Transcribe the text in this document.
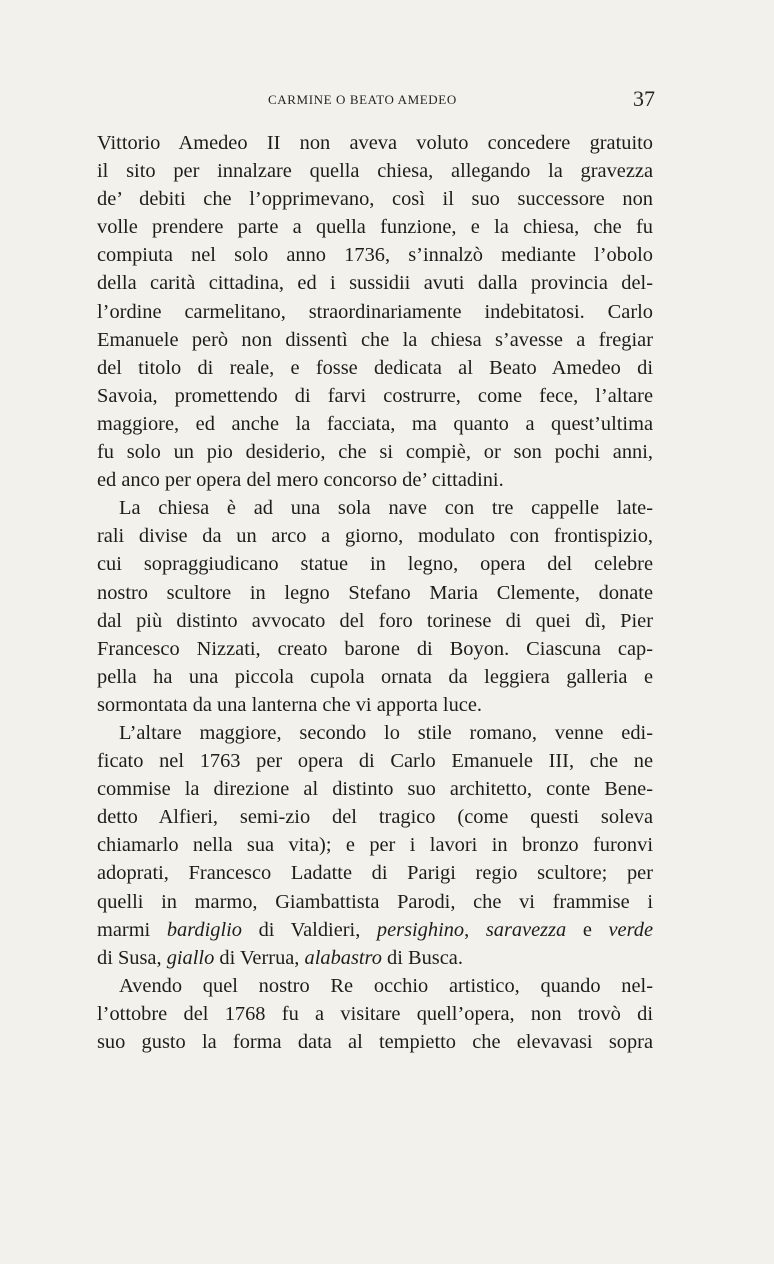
CARMINE O BEATO AMEDEO	37
Vittorio Amedeo II non aveva voluto concedere gratuito
il sito per innalzare quella chiesa, allegando la gravezza
de’ debiti che l’opprimevano, così il suo successore non
volle prendere parte a quella funzione, e la chiesa, che fu
compiuta nel solo anno 1736, s’innalzò mediante l’obolo
della carità cittadina, ed i sussidii avuti dalla provincia del-
l’ordine carmelitano, straordinariamente indebitatosi. Carlo
Emanuele però non dissentì che la chiesa s’avesse a fregiar
del titolo di reale, e fosse dedicata al Beato Amedeo di
Savoia, promettendo di farvi costrurre, come fece, l’altare
maggiore, ed anche la facciata, ma quanto a quest’ultima
fu solo un pio desiderio, che si compiè, or son pochi anni,
ed anco per opera del mero concorso de’ cittadini.
La chiesa è ad una sola nave con tre cappelle late-
rali divise da un arco a giorno, modulato con frontispizio,
cui sopraggiudicano statue in legno, opera del celebre
nostro scultore in legno Stefano Maria Clemente, donate
dal più distinto avvocato del foro torinese di quei dì, Pier
Francesco Nizzati, creato barone di Boyon. Ciascuna cap-
pella ha una piccola cupola ornata da leggiera galleria e
sormontata da una lanterna che vi apporta luce.
L’altare maggiore, secondo lo stile romano, venne edi-
ficato nel 1763 per opera di Carlo Emanuele III, che ne
commise la direzione al distinto suo architetto, conte Bene-
detto Alfieri, semi-zio del tragico (come questi soleva
chiamarlo nella sua vita); e per i lavori in bronzo furonvi
adoprati, Francesco Ladatte di Parigi regio scultore; per
quelli in marmo, Giambattista Parodi, che vi frammise i
marmi bardiglio di Valdieri, persighino, saravezza e verde
di Susa, giallo di Verrua, alabastro di Busca.
Avendo quel nostro Re occhio artistico, quando nel-
l’ottobre del 1768 fu a visitare quell’opera, non trovò di
suo gusto la forma data al tempietto che elevavasi sopra
